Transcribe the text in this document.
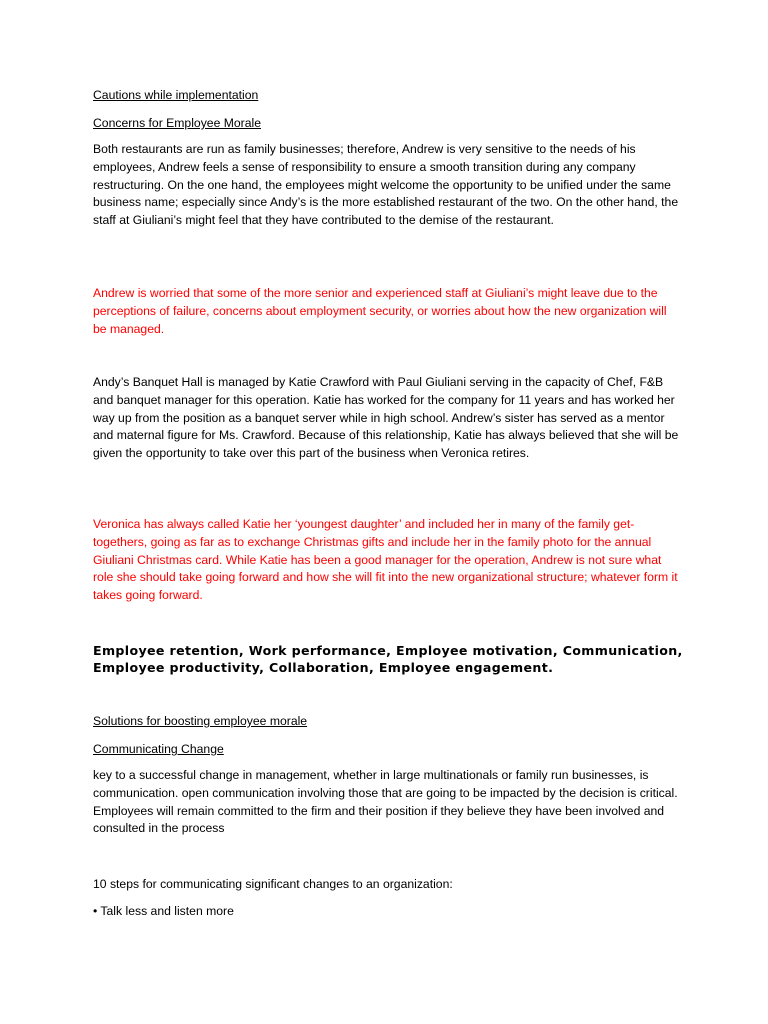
Cautions while implementation

Concerns for Employee Morale

Both restaurants are run as family businesses; therefore, Andrew is very sensitive to the needs of his employees, Andrew feels a sense of responsibility to ensure a smooth transition during any company restructuring. On the one hand, the employees might welcome the opportunity to be unified under the same business name; especially since Andy’s is the more established restaurant of the two. On the other hand, the staff at Giuliani’s might feel that they have contributed to the demise of the restaurant.

Andrew is worried that some of the more senior and experienced staff at Giuliani’s might leave due to the perceptions of failure, concerns about employment security, or worries about how the new organization will be managed.

Andy’s Banquet Hall is managed by Katie Crawford with Paul Giuliani serving in the capacity of Chef, F&B and banquet manager for this operation. Katie has worked for the company for 11 years and has worked her way up from the position as a banquet server while in high school. Andrew’s sister has served as a mentor and maternal figure for Ms. Crawford. Because of this relationship, Katie has always believed that she will be given the opportunity to take over this part of the business when Veronica retires.

Veronica has always called Katie her ‘youngest daughter’ and included her in many of the family get-togethers, going as far as to exchange Christmas gifts and include her in the family photo for the annual Giuliani Christmas card. While Katie has been a good manager for the operation, Andrew is not sure what role she should take going forward and how she will fit into the new organizational structure; whatever form it takes going forward.

Employee retention, Work performance, Employee motivation, Communication, Employee productivity, Collaboration, Employee engagement.

Solutions for boosting employee morale

Communicating Change

key to a successful change in management, whether in large multinationals or family run businesses, is communication. open communication involving those that are going to be impacted by the decision is critical. Employees will remain committed to the firm and their position if they believe they have been involved and consulted in the process

10 steps for communicating significant changes to an organization:

• Talk less and listen more
